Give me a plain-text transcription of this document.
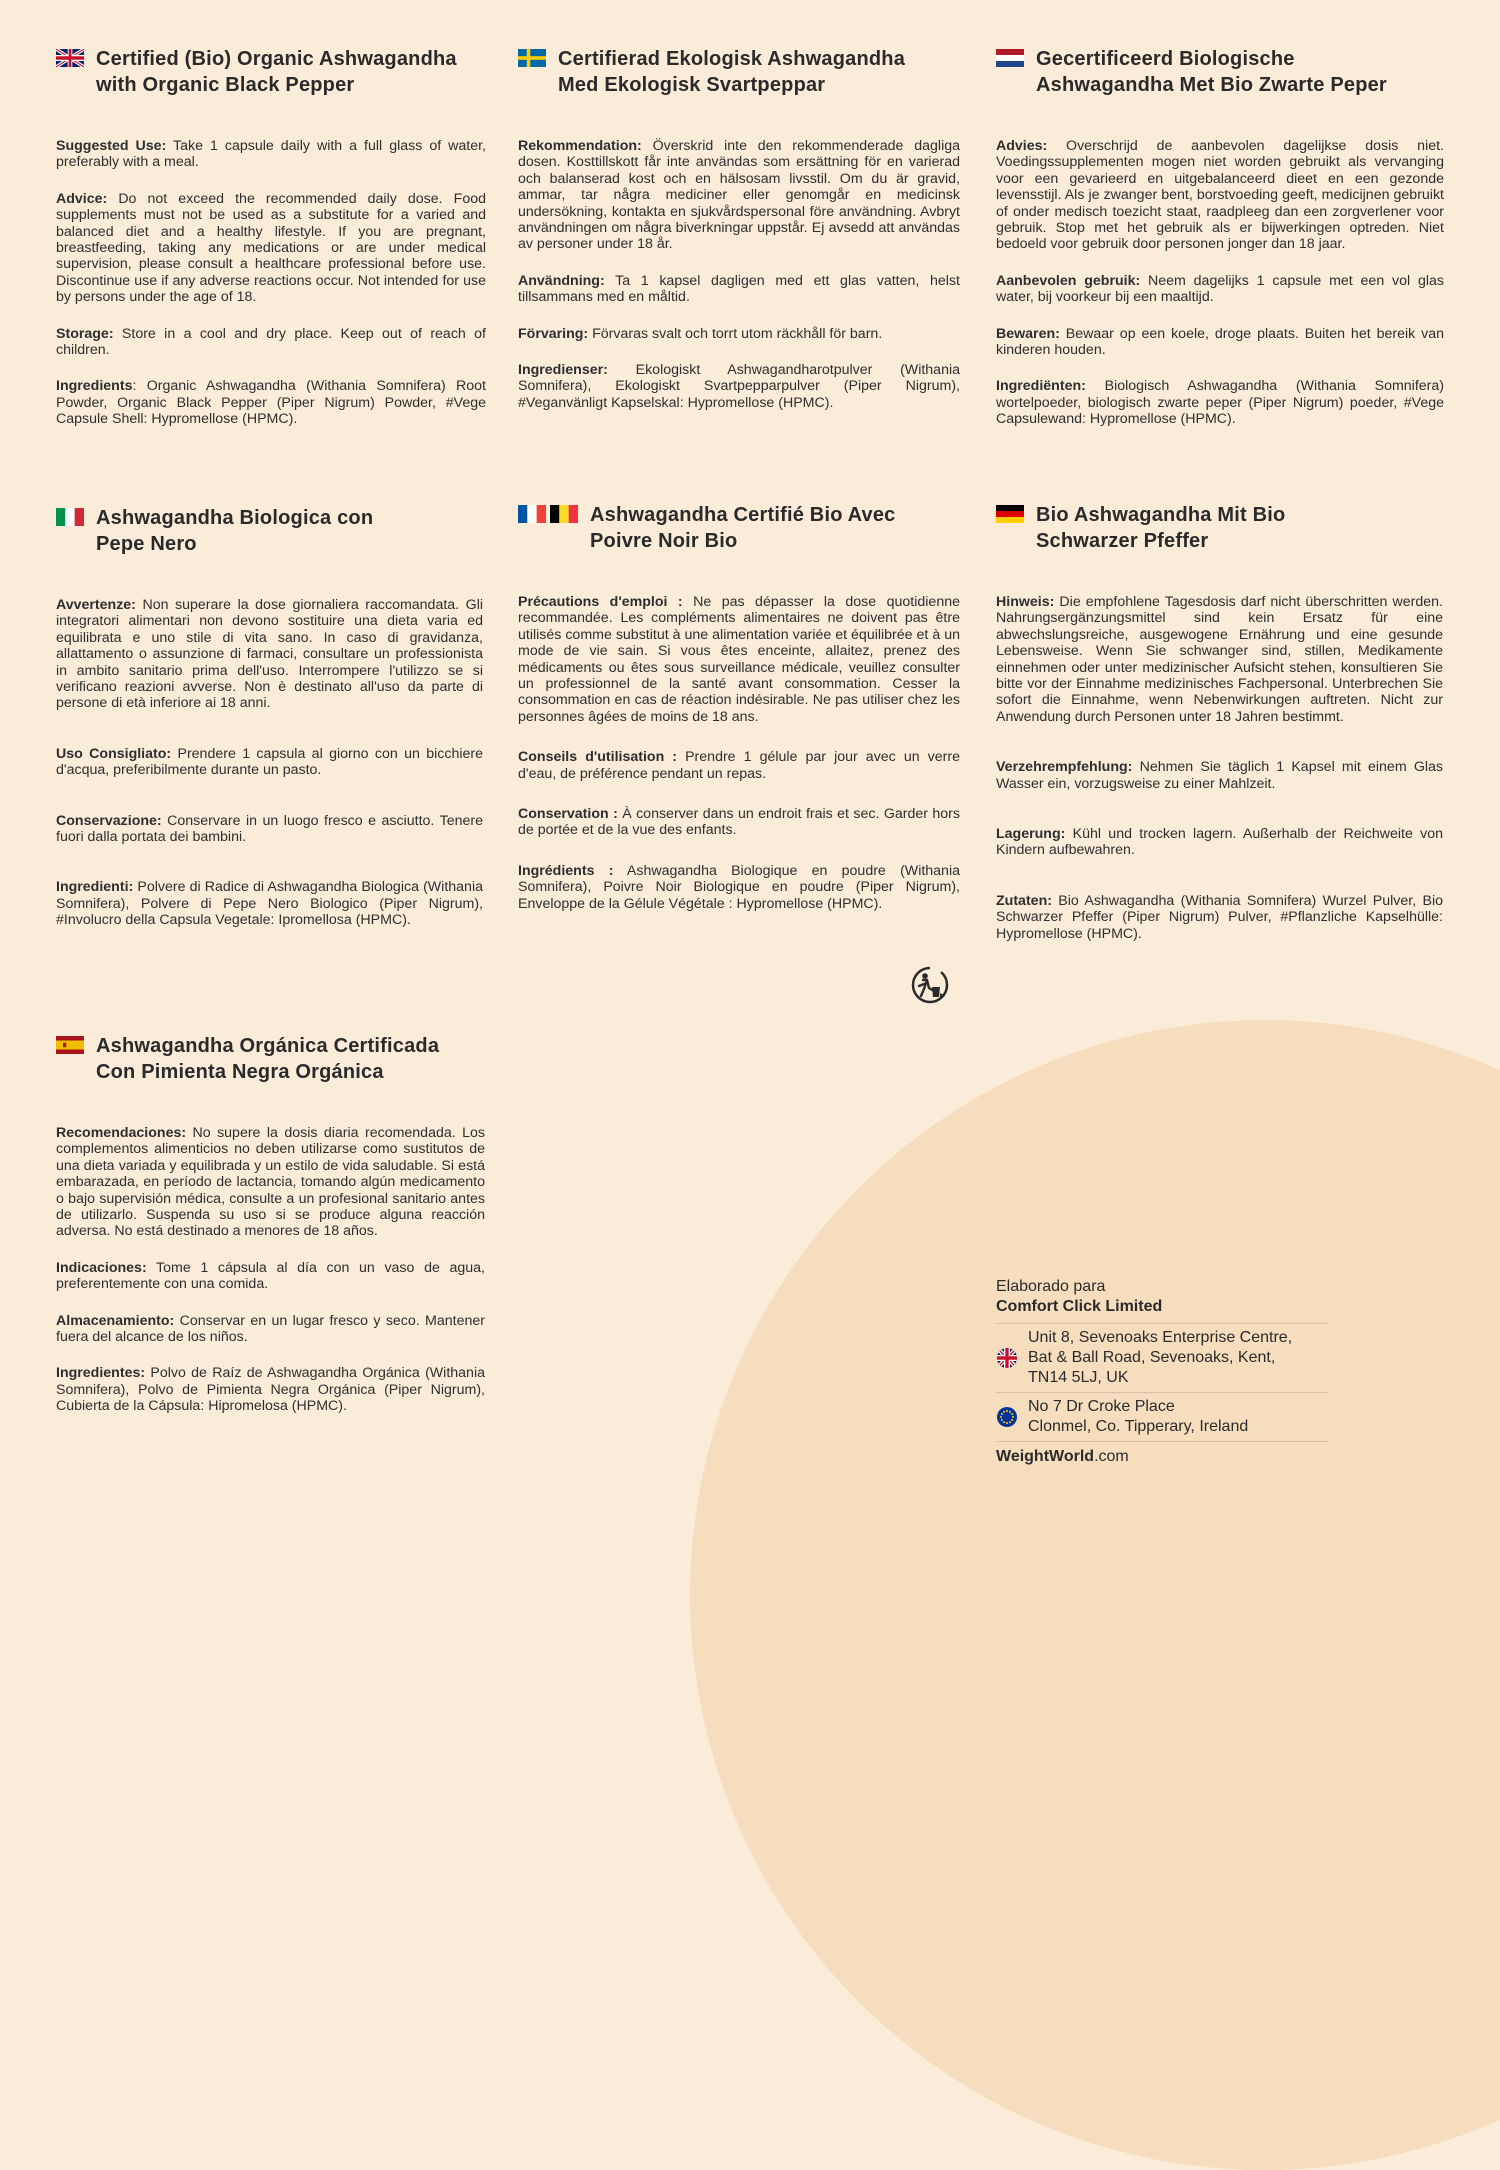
Certified (Bio) Organic Ashwagandha
with Organic Black Pepper

Suggested Use: Take 1 capsule daily with a full glass of water, preferably with a meal.

Advice: Do not exceed the recommended daily dose. Food supplements must not be used as a substitute for a varied and balanced diet and a healthy lifestyle. If you are pregnant, breastfeeding, taking any medications or are under medical supervision, please consult a healthcare professional before use. Discontinue use if any adverse reactions occur. Not intended for use by persons under the age of 18.

Storage: Store in a cool and dry place. Keep out of reach of children.

Ingredients: Organic Ashwagandha (Withania Somnifera) Root Powder, Organic Black Pepper (Piper Nigrum) Powder, #Vege Capsule Shell: Hypromellose (HPMC).

Certifierad Ekologisk Ashwagandha
Med Ekologisk Svartpeppar

Rekommendation: Överskrid inte den rekommenderade dagliga dosen. Kosttillskott får inte användas som ersättning för en varierad och balanserad kost och en hälsosam livsstil. Om du är gravid, ammar, tar några mediciner eller genomgår en medicinsk undersökning, kontakta en sjukvårdspersonal före användning. Avbryt användningen om några biverkningar uppstår. Ej avsedd att användas av personer under 18 år.

Användning: Ta 1 kapsel dagligen med ett glas vatten, helst tillsammans med en måltid.

Förvaring: Förvaras svalt och torrt utom räckhåll för barn.

Ingredienser: Ekologiskt Ashwagandharotpulver (Withania Somnifera), Ekologiskt Svartpepparpulver (Piper Nigrum), #Veganvänligt Kapselskal: Hypromellose (HPMC).

Gecertificeerd Biologische
Ashwagandha Met Bio Zwarte Peper

Advies: Overschrijd de aanbevolen dagelijkse dosis niet. Voedingssupplementen mogen niet worden gebruikt als vervanging voor een gevarieerd en uitgebalanceerd dieet en een gezonde levensstijl. Als je zwanger bent, borstvoeding geeft, medicijnen gebruikt of onder medisch toezicht staat, raadpleeg dan een zorgverlener voor gebruik. Stop met het gebruik als er bijwerkingen optreden. Niet bedoeld voor gebruik door personen jonger dan 18 jaar.

Aanbevolen gebruik: Neem dagelijks 1 capsule met een vol glas water, bij voorkeur bij een maaltijd.

Bewaren: Bewaar op een koele, droge plaats. Buiten het bereik van kinderen houden.

Ingrediënten: Biologisch Ashwagandha (Withania Somnifera) wortelpoeder, biologisch zwarte peper (Piper Nigrum) poeder, #Vege Capsulewand: Hypromellose (HPMC).

Ashwagandha Biologica con
Pepe Nero

Avvertenze: Non superare la dose giornaliera raccomandata. Gli integratori alimentari non devono sostituire una dieta varia ed equilibrata e uno stile di vita sano. In caso di gravidanza, allattamento o assunzione di farmaci, consultare un professionista in ambito sanitario prima dell'uso. Interrompere l'utilizzo se si verificano reazioni avverse. Non è destinato all'uso da parte di persone di età inferiore ai 18 anni.

Uso Consigliato: Prendere 1 capsula al giorno con un bicchiere d'acqua, preferibilmente durante un pasto.

Conservazione: Conservare in un luogo fresco e asciutto. Tenere fuori dalla portata dei bambini.

Ingredienti: Polvere di Radice di Ashwagandha Biologica (Withania Somnifera), Polvere di Pepe Nero Biologico (Piper Nigrum), #Involucro della Capsula Vegetale: Ipromellosa (HPMC).

Ashwagandha Certifié Bio Avec
Poivre Noir Bio

Précautions d'emploi : Ne pas dépasser la dose quotidienne recommandée. Les compléments alimentaires ne doivent pas être utilisés comme substitut à une alimentation variée et équilibrée et à un mode de vie sain. Si vous êtes enceinte, allaitez, prenez des médicaments ou êtes sous surveillance médicale, veuillez consulter un professionnel de la santé avant consommation. Cesser la consommation en cas de réaction indésirable. Ne pas utiliser chez les personnes âgées de moins de 18 ans.

Conseils d'utilisation : Prendre 1 gélule par jour avec un verre d'eau, de préférence pendant un repas.

Conservation : À conserver dans un endroit frais et sec. Garder hors de portée et de la vue des enfants.

Ingrédients : Ashwagandha Biologique en poudre (Withania Somnifera), Poivre Noir Biologique en poudre (Piper Nigrum), Enveloppe de la Gélule Végétale : Hypromellose (HPMC).

Bio Ashwagandha Mit Bio
Schwarzer Pfeffer

Hinweis: Die empfohlene Tagesdosis darf nicht überschritten werden. Nahrungsergänzungsmittel sind kein Ersatz für eine abwechslungsreiche, ausgewogene Ernährung und eine gesunde Lebensweise. Wenn Sie schwanger sind, stillen, Medikamente einnehmen oder unter medizinischer Aufsicht stehen, konsultieren Sie bitte vor der Einnahme medizinisches Fachpersonal. Unterbrechen Sie sofort die Einnahme, wenn Nebenwirkungen auftreten. Nicht zur Anwendung durch Personen unter 18 Jahren bestimmt.

Verzehrempfehlung: Nehmen Sie täglich 1 Kapsel mit einem Glas Wasser ein, vorzugsweise zu einer Mahlzeit.

Lagerung: Kühl und trocken lagern. Außerhalb der Reichweite von Kindern aufbewahren.

Zutaten: Bio Ashwagandha (Withania Somnifera) Wurzel Pulver, Bio Schwarzer Pfeffer (Piper Nigrum) Pulver, #Pflanzliche Kapselhülle: Hypromellose (HPMC).

Ashwagandha Orgánica Certificada
Con Pimienta Negra Orgánica

Recomendaciones: No supere la dosis diaria recomendada. Los complementos alimenticios no deben utilizarse como sustitutos de una dieta variada y equilibrada y un estilo de vida saludable. Si está embarazada, en período de lactancia, tomando algún medicamento o bajo supervisión médica, consulte a un profesional sanitario antes de utilizarlo. Suspenda su uso si se produce alguna reacción adversa. No está destinado a menores de 18 años.

Indicaciones: Tome 1 cápsula al día con un vaso de agua, preferentemente con una comida.

Almacenamiento: Conservar en un lugar fresco y seco. Mantener fuera del alcance de los niños.

Ingredientes: Polvo de Raíz de Ashwagandha Orgánica (Withania Somnifera), Polvo de Pimienta Negra Orgánica (Piper Nigrum), Cubierta de la Cápsula: Hipromelosa (HPMC).

Elaborado para
Comfort Click Limited
Unit 8, Sevenoaks Enterprise Centre,
Bat & Ball Road, Sevenoaks, Kent,
TN14 5LJ, UK
No 7 Dr Croke Place
Clonmel, Co. Tipperary, Ireland
WeightWorld.com
